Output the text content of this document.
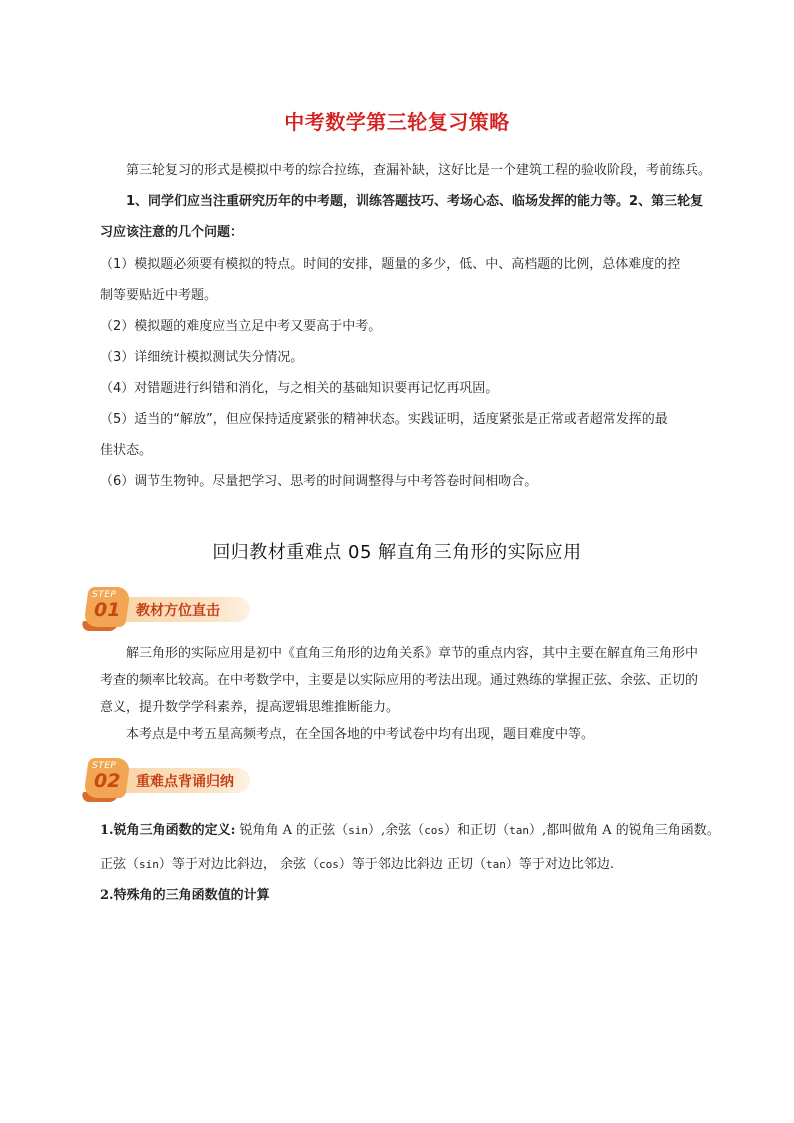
中考数学第三轮复习策略

第三轮复习的形式是模拟中考的综合拉练，查漏补缺，这好比是一个建筑工程的验收阶段，考前练兵。

1、同学们应当注重研究历年的中考题，训练答题技巧、考场心态、临场发挥的能力等。2、第三轮复

习应该注意的几个问题：

（1）模拟题必须要有模拟的特点。时间的安排，题量的多少，低、中、高档题的比例，总体难度的控

制等要贴近中考题。

（2）模拟题的难度应当立足中考又要高于中考。

（3）详细统计模拟测试失分情况。

（4）对错题进行纠错和消化，与之相关的基础知识要再记忆再巩固。

（5）适当的“解放”，但应保持适度紧张的精神状态。实践证明，适度紧张是正常或者超常发挥的最

佳状态。

（6）调节生物钟。尽量把学习、思考的时间调整得与中考答卷时间相吻合。

回归教材重难点 05 解直角三角形的实际应用
STEP
01 教材方位直击

解三角形的实际应用是初中《直角三角形的边角关系》章节的重点内容，其中主要在解直角三角形中

考查的频率比较高。在中考数学中，主要是以实际应用的考法出现。通过熟练的掌握正弦、余弦、正切的

意义，提升数学学科素养，提高逻辑思维推断能力。

本考点是中考五星高频考点，在全国各地的中考试卷中均有出现，题目难度中等。

STEP
02 重难点背诵归纳
1.锐角三角函数的定义: 锐角角 A 的正弦（sin）,余弦（cos）和正切（tan）,都叫做角 A 的锐角三角函数。
正弦（sin）等于对边比斜边， 余弦（cos）等于邻边比斜边 正切（tan）等于对边比邻边.
2.特殊角的三角函数值的计算
